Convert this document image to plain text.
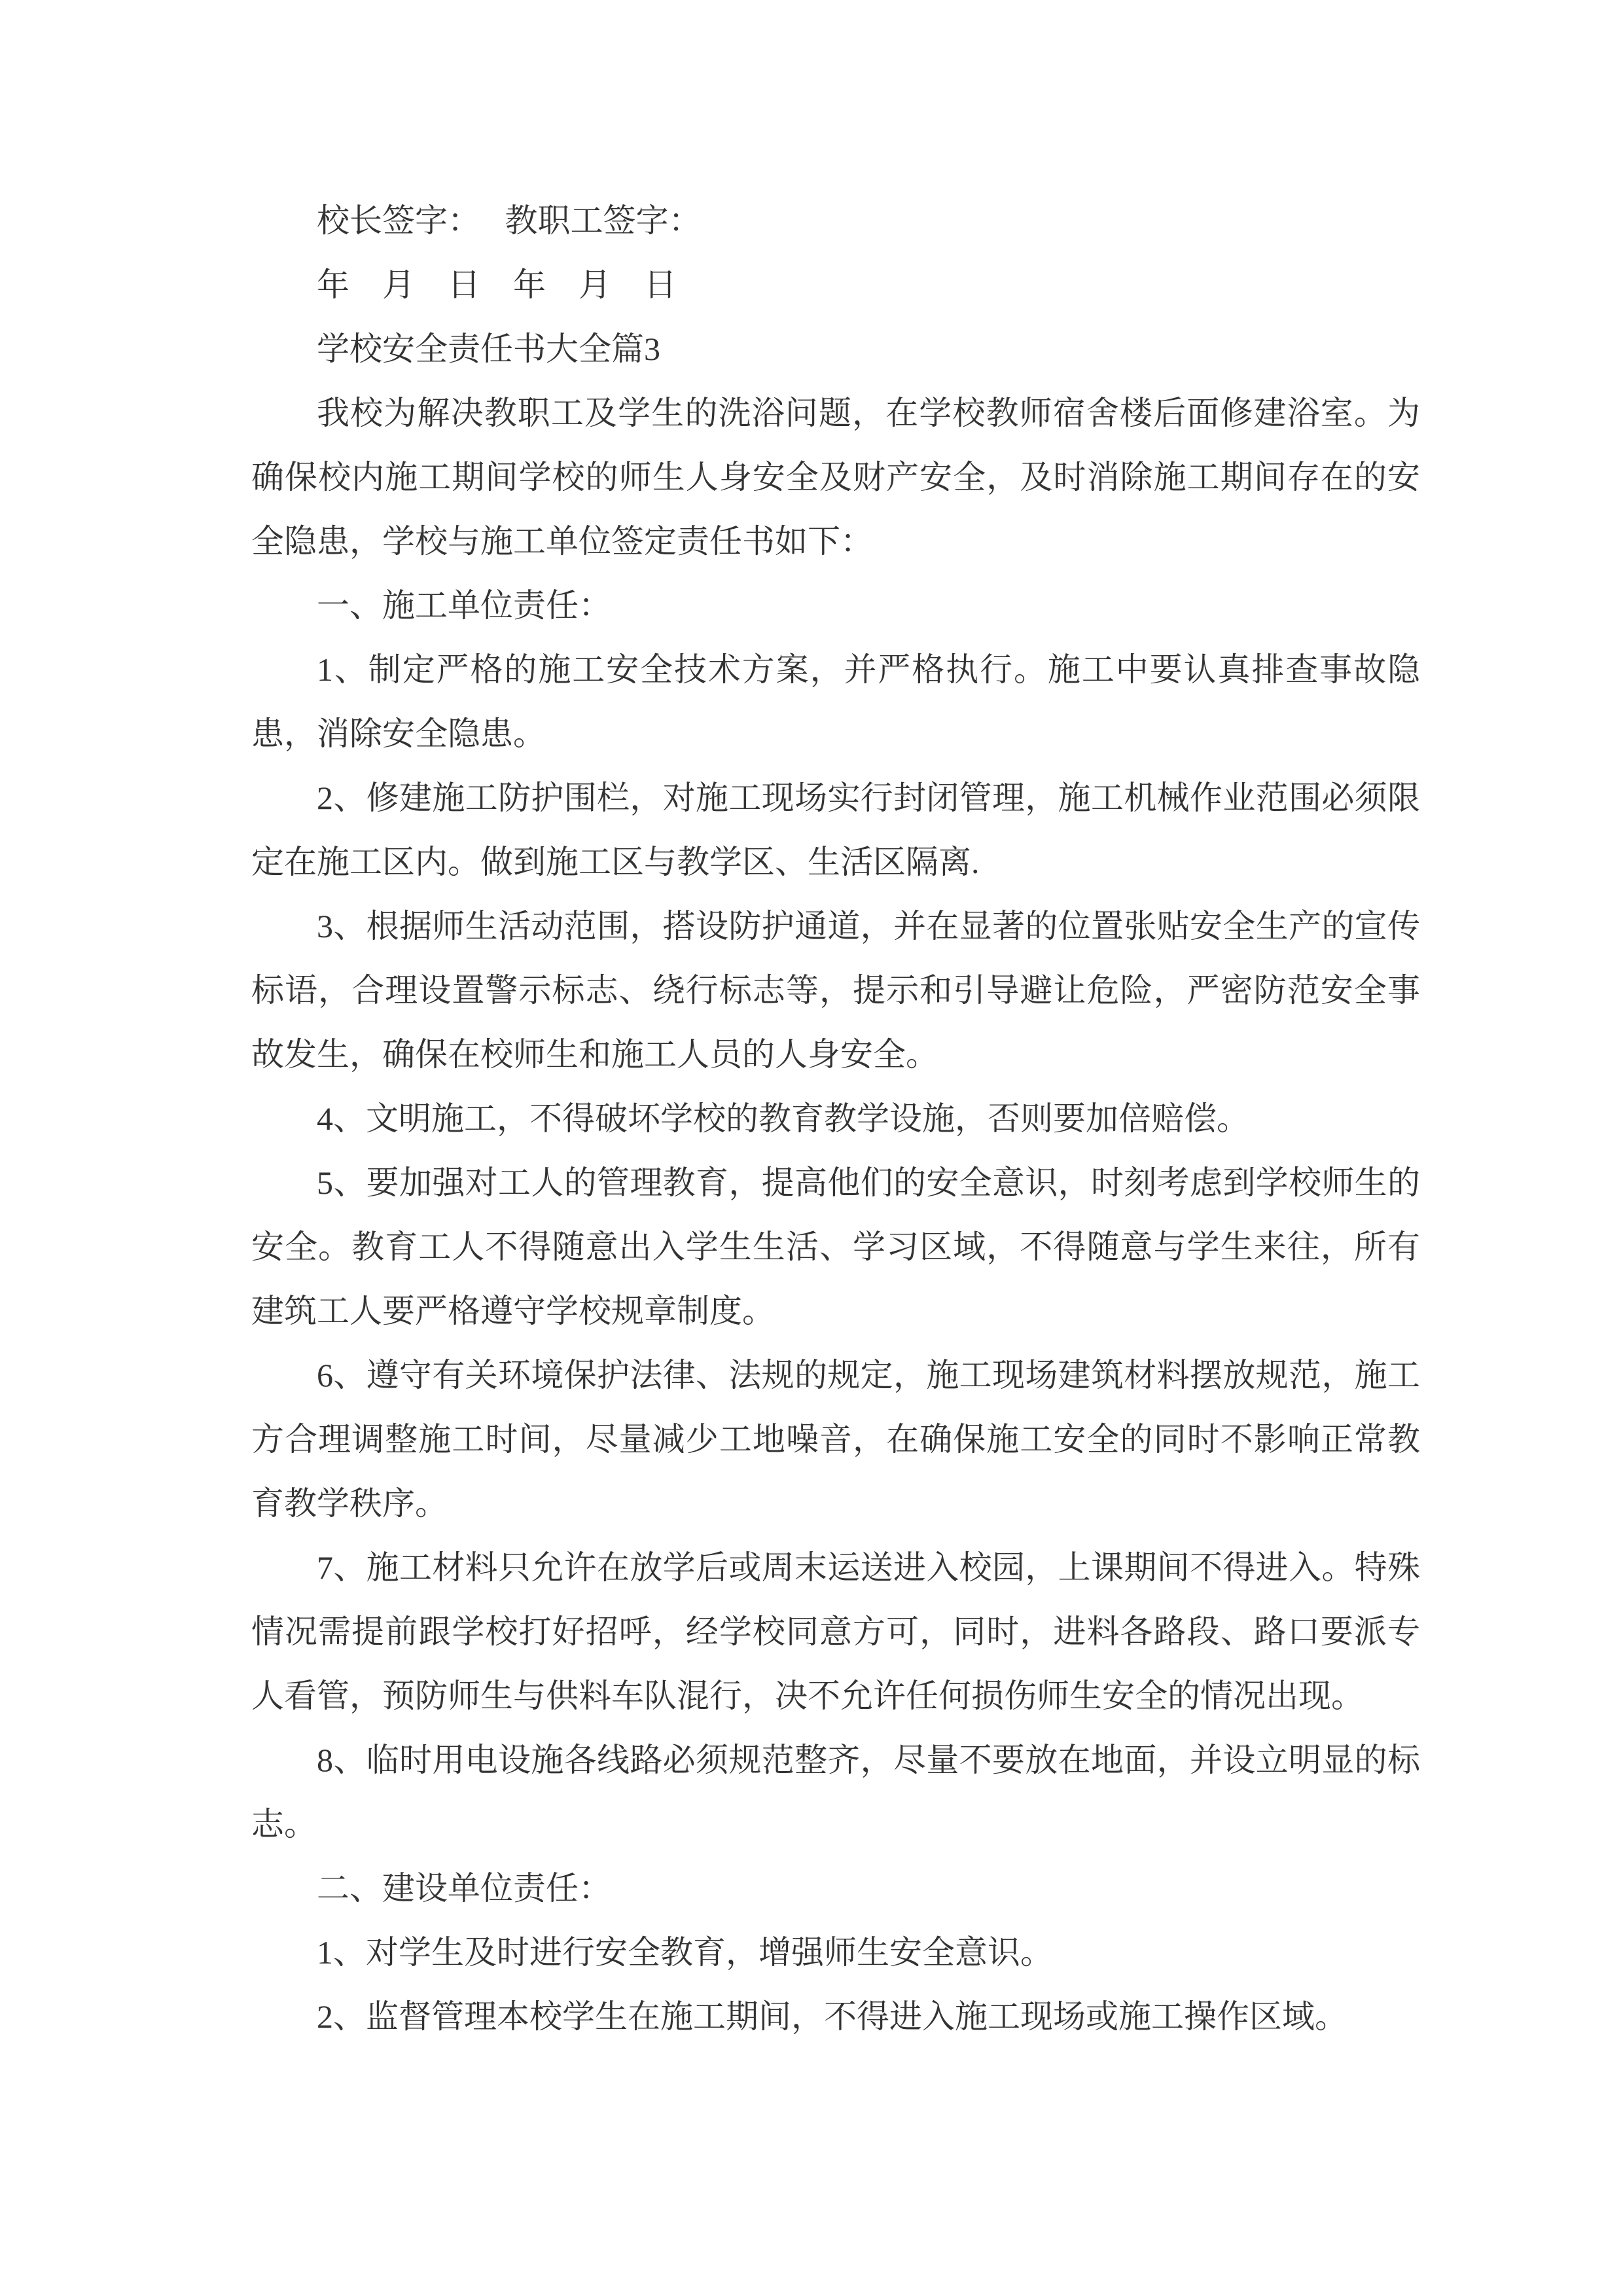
校长签字：　 教职工签字：

年　月　日　年　月　日

学校安全责任书大全篇3

我校为解决教职工及学生的洗浴问题，在学校教师宿舍楼后面修建浴室。为确保校内施工期间学校的师生人身安全及财产安全，及时消除施工期间存在的安全隐患，学校与施工单位签定责任书如下：

一、施工单位责任：

1、制定严格的施工安全技术方案，并严格执行。施工中要认真排查事故隐患，消除安全隐患。

2、修建施工防护围栏，对施工现场实行封闭管理，施工机械作业范围必须限定在施工区内。做到施工区与教学区、生活区隔离.

3、根据师生活动范围，搭设防护通道，并在显著的位置张贴安全生产的宣传标语，合理设置警示标志、绕行标志等，提示和引导避让危险，严密防范安全事故发生，确保在校师生和施工人员的人身安全。

4、文明施工，不得破坏学校的教育教学设施，否则要加倍赔偿。

5、要加强对工人的管理教育，提高他们的安全意识，时刻考虑到学校师生的安全。教育工人不得随意出入学生生活、学习区域，不得随意与学生来往，所有建筑工人要严格遵守学校规章制度。

6、遵守有关环境保护法律、法规的规定，施工现场建筑材料摆放规范，施工方合理调整施工时间，尽量减少工地噪音，在确保施工安全的同时不影响正常教育教学秩序。

7、施工材料只允许在放学后或周末运送进入校园，上课期间不得进入。特殊情况需提前跟学校打好招呼，经学校同意方可，同时，进料各路段、路口要派专人看管，预防师生与供料车队混行，决不允许任何损伤师生安全的情况出现。

8、临时用电设施各线路必须规范整齐，尽量不要放在地面，并设立明显的标志。

二、建设单位责任：

1、对学生及时进行安全教育，增强师生安全意识。

2、监督管理本校学生在施工期间，不得进入施工现场或施工操作区域。
